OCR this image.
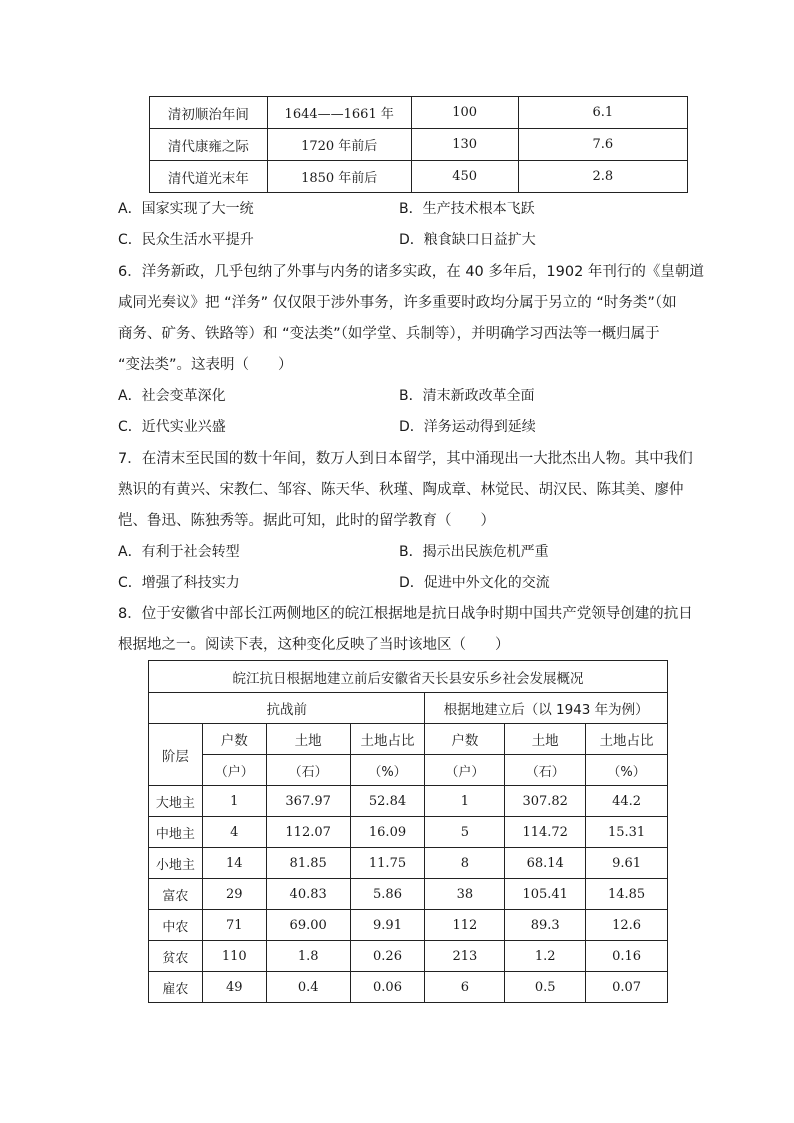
清初顺治年间	1644——1661 年	100	6.1
清代康雍之际	1720 年前后	130	7.6
清代道光末年	1850 年前后	450	2.8
A．国家实现了大一统	B．生产技术根本飞跃
C．民众生活水平提升	D．粮食缺口日益扩大
6．洋务新政，几乎包纳了外事与内务的诸多实政，在 40 多年后，1902 年刊行的《皇朝道
咸同光奏议》把 “洋务” 仅仅限于涉外事务，许多重要时政均分属于另立的 “时务类”（如
商务、矿务、铁路等）和 “变法类”（如学堂、兵制等），并明确学习西法等一概归属于
“变法类”。这表明（　　）
A．社会变革深化	B．清末新政改革全面
C．近代实业兴盛	D．洋务运动得到延续
7．在清末至民国的数十年间，数万人到日本留学，其中涌现出一大批杰出人物。其中我们
熟识的有黄兴、宋教仁、邹容、陈天华、秋瑾、陶成章、林觉民、胡汉民、陈其美、廖仲
恺、鲁迅、陈独秀等。据此可知，此时的留学教育（　　）
A．有利于社会转型	B．揭示出民族危机严重
C．增强了科技实力	D．促进中外文化的交流
8．位于安徽省中部长江两侧地区的皖江根据地是抗日战争时期中国共产党领导创建的抗日
根据地之一。阅读下表，这种变化反映了当时该地区（　　）
皖江抗日根据地建立前后安徽省天长县安乐乡社会发展概况						
抗战前				根据地建立后（以 1943 年为例）		
阶层	户数	土地	土地占比	户数	土地	土地占比
	（户）	（石）	（%）	（户）	（石）	（%）
大地主	1	367.97	52.84	1	307.82	44.2
中地主	4	112.07	16.09	5	114.72	15.31
小地主	14	81.85	11.75	8	68.14	9.61
富农	29	40.83	5.86	38	105.41	14.85
中农	71	69.00	9.91	112	89.3	12.6
贫农	110	1.8	0.26	213	1.2	0.16
雇农	49	0.4	0.06	6	0.5	0.07
